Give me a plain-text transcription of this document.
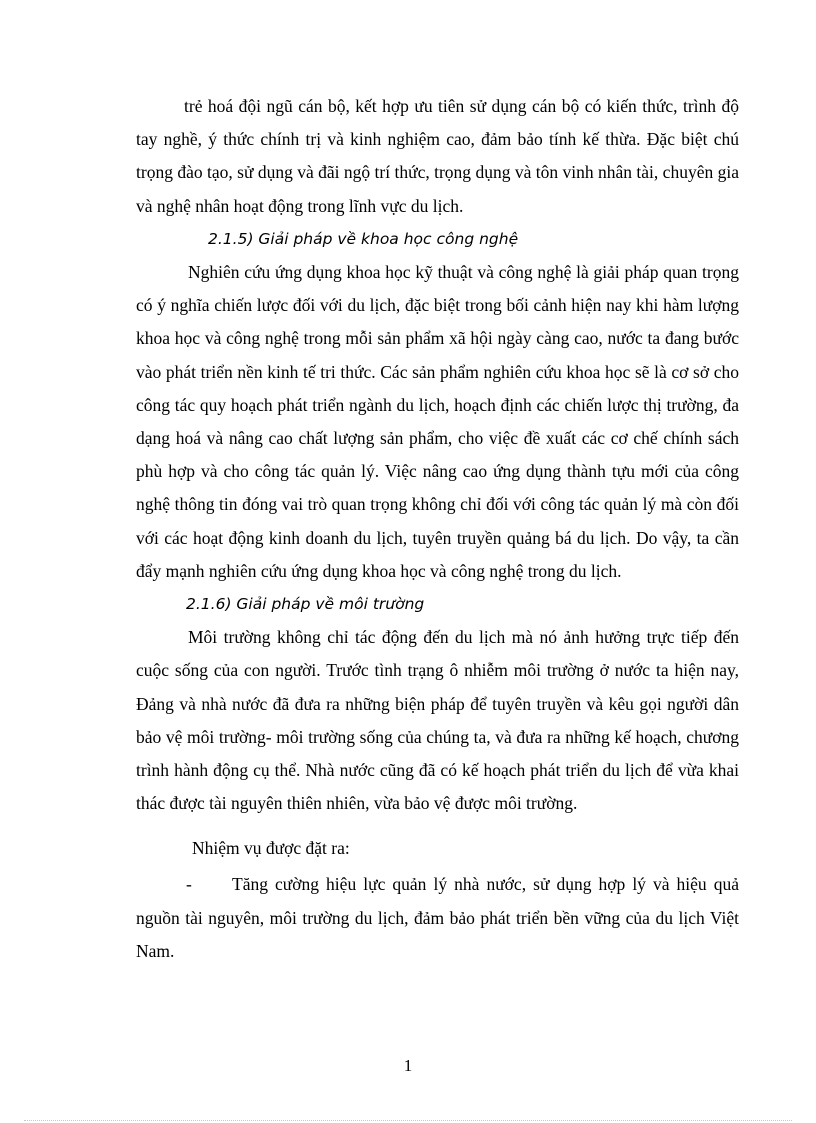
trẻ hoá đội ngũ cán bộ, kết hợp ưu tiên sử dụng cán bộ có kiến thức, trình độ tay nghề, ý thức chính trị và kinh nghiệm cao, đảm bảo tính kế thừa. Đặc biệt chú trọng đào tạo, sử dụng và đãi ngộ trí thức, trọng dụng và tôn vinh nhân tài, chuyên gia và nghệ nhân hoạt động trong lĩnh vực du lịch.

2.1.5) Giải pháp về khoa học công nghệ

Nghiên cứu ứng dụng khoa học kỹ thuật và công nghệ là giải pháp quan trọng có ý nghĩa chiến lược đối với du lịch, đặc biệt trong bối cảnh hiện nay khi hàm lượng khoa học và công nghệ trong mỗi sản phẩm xã hội ngày càng cao, nước ta đang bước vào phát triển nền kinh tế tri thức. Các sản phẩm nghiên cứu khoa học sẽ là cơ sở cho công tác quy hoạch phát triển ngành du lịch, hoạch định các chiến lược thị trường, đa dạng hoá và nâng cao chất lượng sản phẩm, cho việc đề xuất các cơ chế chính sách phù hợp và cho công tác quản lý. Việc nâng cao ứng dụng thành tựu mới của công nghệ thông tin đóng vai trò quan trọng không chỉ đối với công tác quản lý mà còn đối với các hoạt động kinh doanh du lịch, tuyên truyền quảng bá du lịch. Do vậy, ta cần đẩy mạnh nghiên cứu ứng dụng khoa học và công nghệ trong du lịch.

2.1.6) Giải pháp về môi trường

Môi trường không chỉ tác động đến du lịch mà nó ảnh hưởng trực tiếp đến cuộc sống của con người. Trước tình trạng ô nhiễm môi trường ở nước ta hiện nay, Đảng và nhà nước đã đưa ra những biện pháp để tuyên truyền và kêu gọi người dân bảo vệ môi trường- môi trường sống của chúng ta, và đưa ra những kế hoạch, chương trình hành động cụ thể. Nhà nước cũng đã có kế hoạch phát triển du lịch để vừa khai thác được tài nguyên thiên nhiên, vừa bảo vệ được môi trường.

Nhiệm vụ được đặt ra:

- Tăng cường hiệu lực quản lý nhà nước, sử dụng hợp lý và hiệu quả nguồn tài nguyên, môi trường du lịch, đảm bảo phát triển bền vững của du lịch Việt Nam.

1
